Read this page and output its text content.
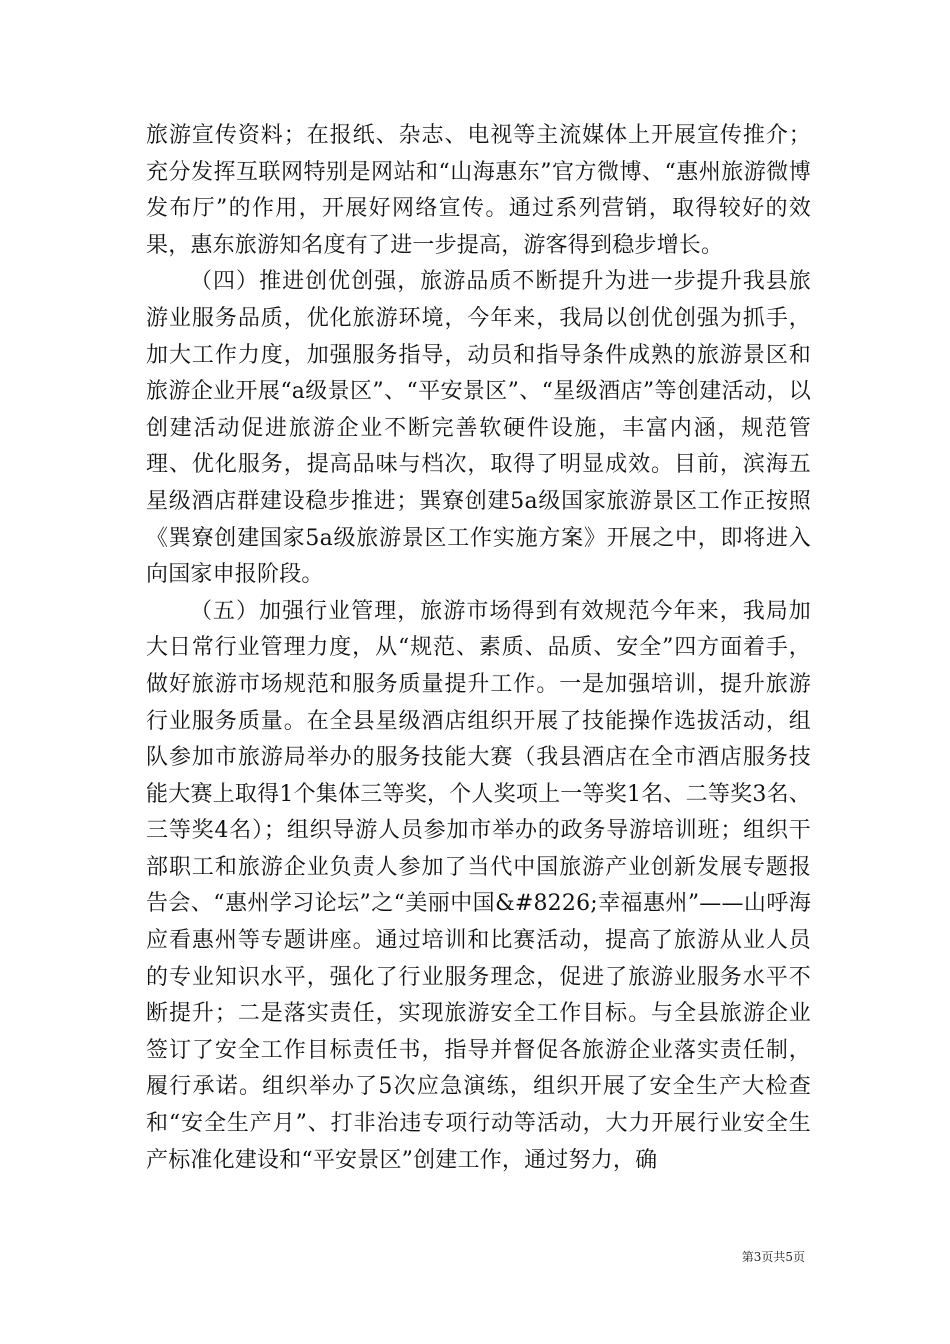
旅游宣传资料；在报纸、杂志、电视等主流媒体上开展宣传推介；充分发挥互联网特别是网站和“山海惠东”官方微博、“惠州旅游微博发布厅”的作用，开展好网络宣传。通过系列营销，取得较好的效果，惠东旅游知名度有了进一步提高，游客得到稳步增长。

（四）推进创优创强，旅游品质不断提升为进一步提升我县旅游业服务品质，优化旅游环境，今年来，我局以创优创强为抓手，加大工作力度，加强服务指导，动员和指导条件成熟的旅游景区和旅游企业开展“a级景区”、“平安景区”、“星级酒店”等创建活动，以创建活动促进旅游企业不断完善软硬件设施，丰富内涵，规范管理、优化服务，提高品味与档次，取得了明显成效。目前，滨海五星级酒店群建设稳步推进；巽寮创建5a级国家旅游景区工作正按照《巽寮创建国家5a级旅游景区工作实施方案》开展之中，即将进入向国家申报阶段。

（五）加强行业管理，旅游市场得到有效规范今年来，我局加大日常行业管理力度，从“规范、素质、品质、安全”四方面着手，做好旅游市场规范和服务质量提升工作。一是加强培训，提升旅游行业服务质量。在全县星级酒店组织开展了技能操作选拔活动，组队参加市旅游局举办的服务技能大赛（我县酒店在全市酒店服务技能大赛上取得1个集体三等奖，个人奖项上一等奖1名、二等奖3名、三等奖4名）；组织导游人员参加市举办的政务导游培训班；组织干部职工和旅游企业负责人参加了当代中国旅游产业创新发展专题报告会、“惠州学习论坛”之“美丽中国&#8226;幸福惠州”——山呼海应看惠州等专题讲座。通过培训和比赛活动，提高了旅游从业人员的专业知识水平，强化了行业服务理念，促进了旅游业服务水平不断提升；二是落实责任，实现旅游安全工作目标。与全县旅游企业签订了安全工作目标责任书，指导并督促各旅游企业落实责任制，履行承诺。组织举办了5次应急演练，组织开展了安全生产大检查和“安全生产月”、打非治违专项行动等活动，大力开展行业安全生产标准化建设和“平安景区”创建工作，通过努力，确

第3页共5页
